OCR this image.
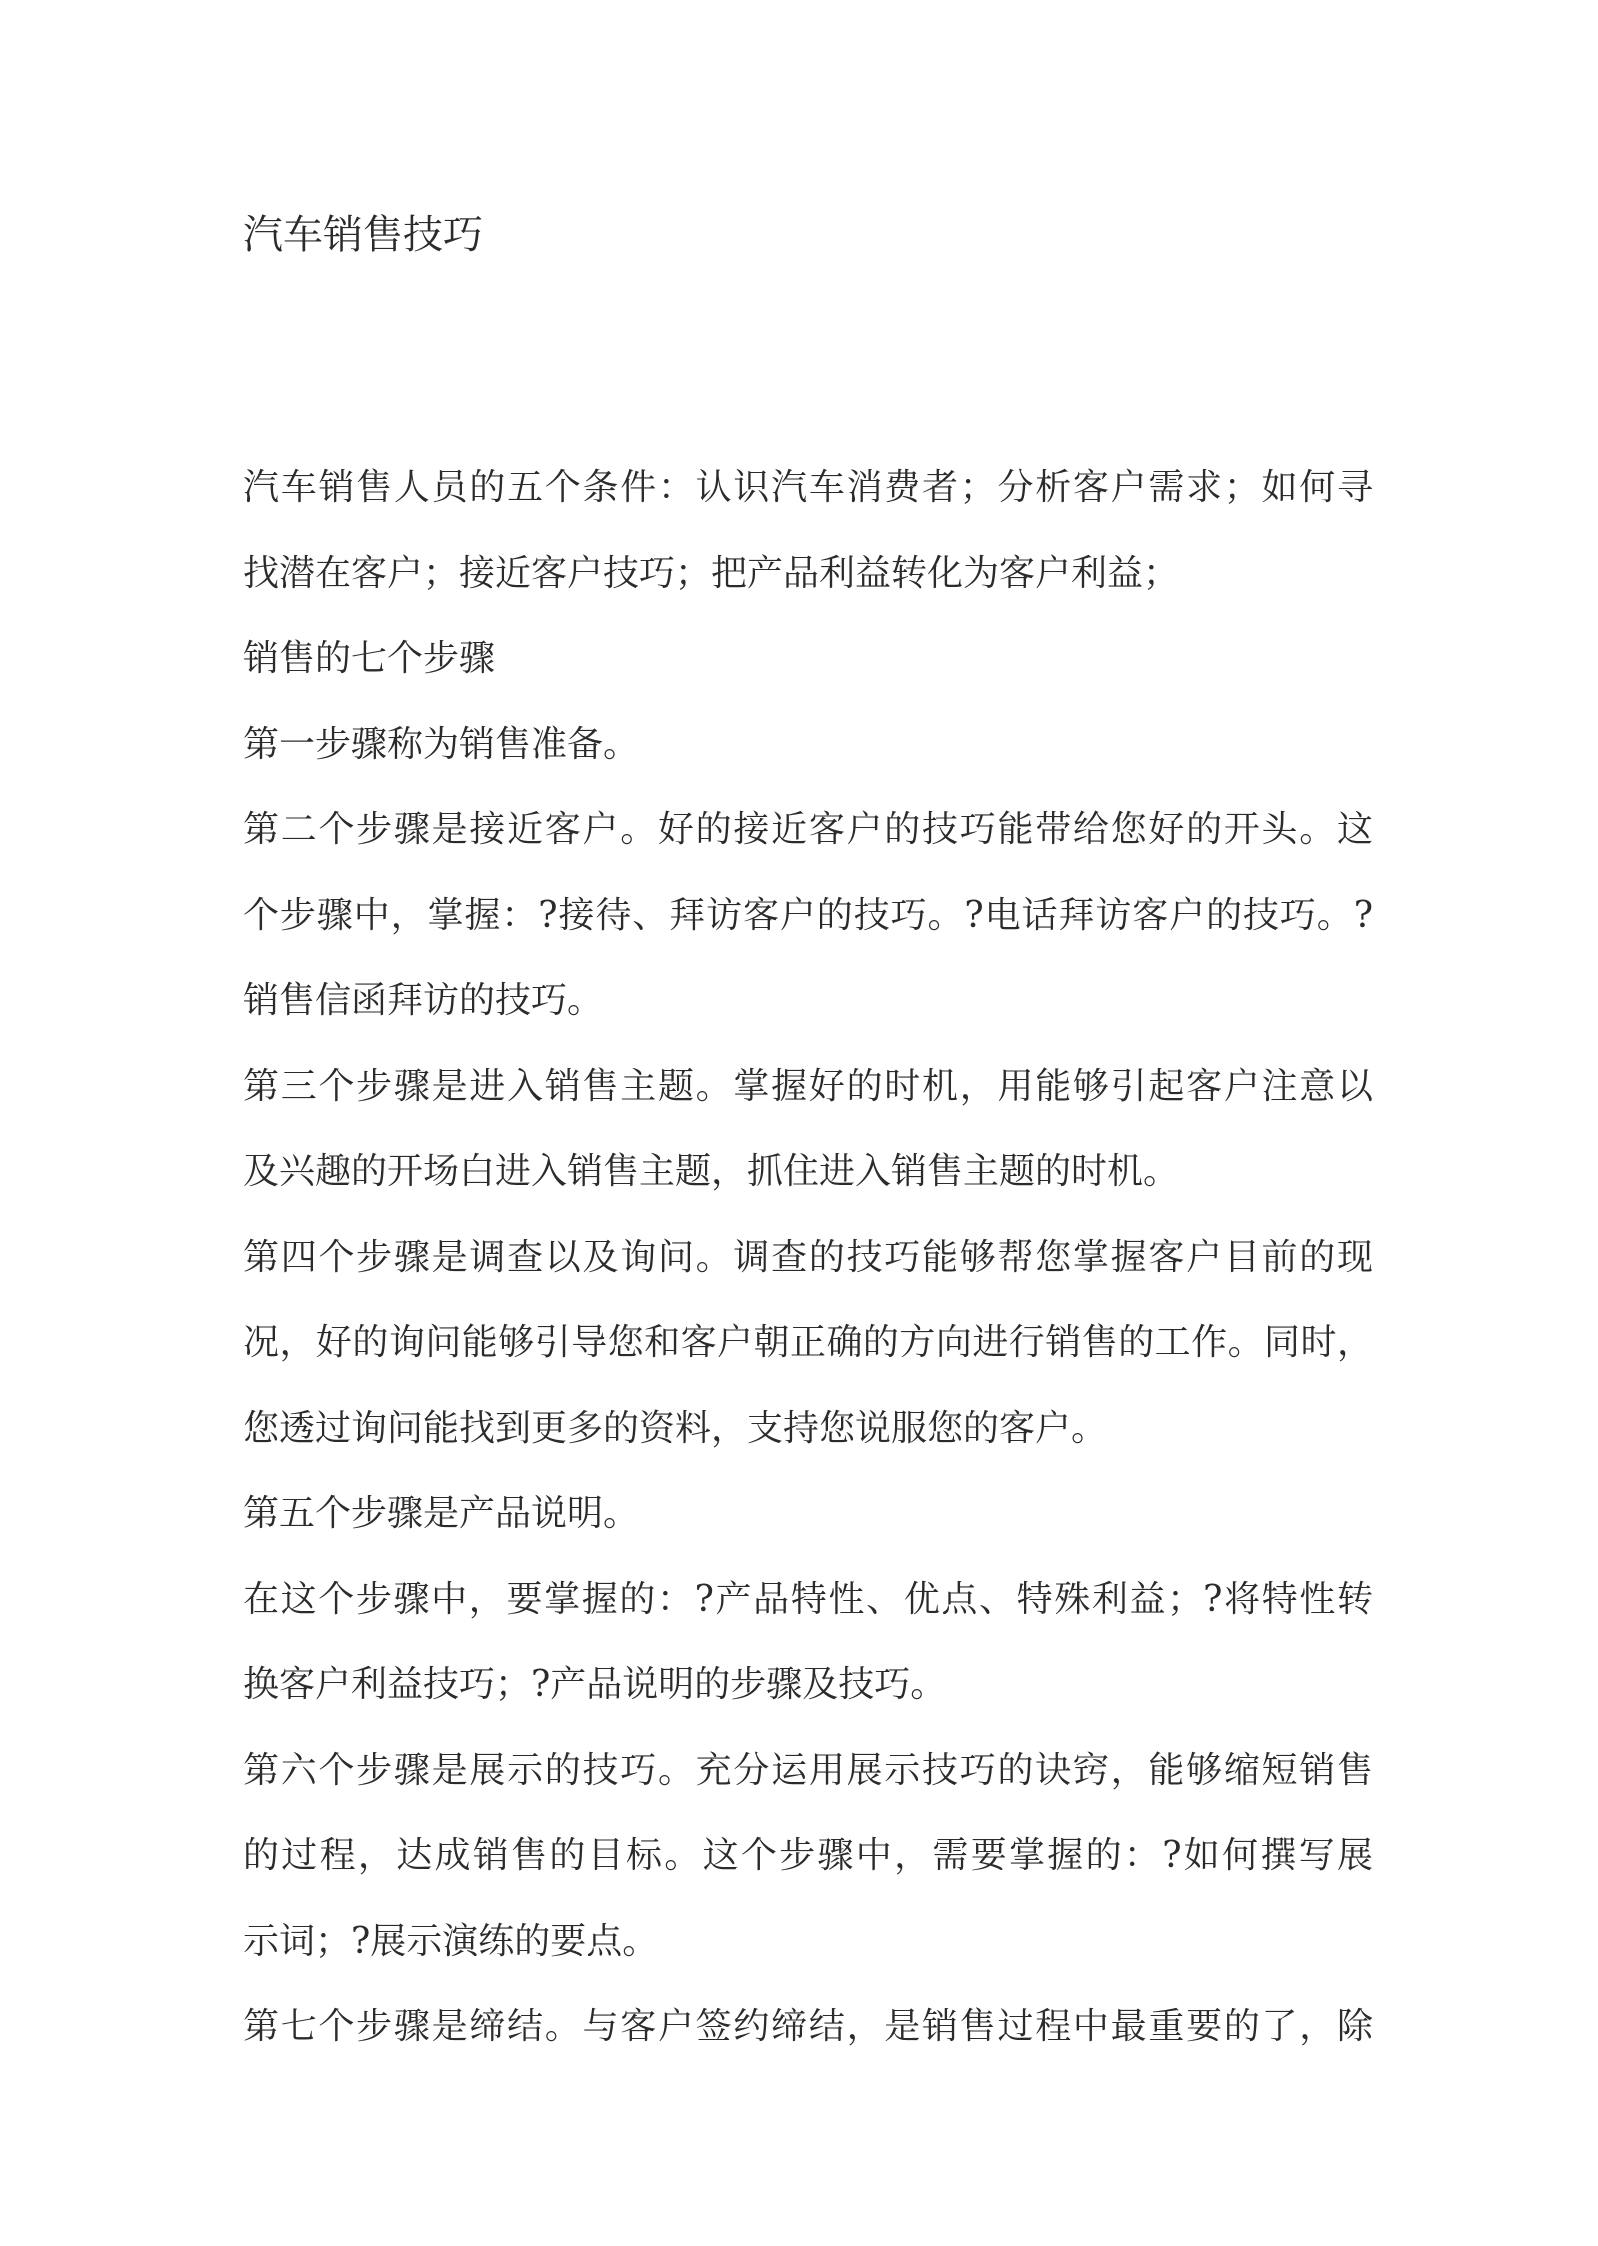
汽车销售技巧
汽车销售人员的五个条件：认识汽车消费者；分析客户需求；如何寻
找潜在客户；接近客户技巧；把产品利益转化为客户利益；
销售的七个步骤
第一步骤称为销售准备。
第二个步骤是接近客户。好的接近客户的技巧能带给您好的开头。这
个步骤中，掌握：?接待、拜访客户的技巧。?电话拜访客户的技巧。?
销售信函拜访的技巧。
第三个步骤是进入销售主题。掌握好的时机，用能够引起客户注意以
及兴趣的开场白进入销售主题，抓住进入销售主题的时机。
第四个步骤是调查以及询问。调查的技巧能够帮您掌握客户目前的现
况，好的询问能够引导您和客户朝正确的方向进行销售的工作。同时，
您透过询问能找到更多的资料，支持您说服您的客户。
第五个步骤是产品说明。
在这个步骤中，要掌握的：?产品特性、优点、特殊利益；?将特性转
换客户利益技巧；?产品说明的步骤及技巧。
第六个步骤是展示的技巧。充分运用展示技巧的诀窍，能够缩短销售
的过程，达成销售的目标。这个步骤中，需要掌握的：?如何撰写展
示词；?展示演练的要点。
第七个步骤是缔结。与客户签约缔结，是销售过程中最重要的了，除
